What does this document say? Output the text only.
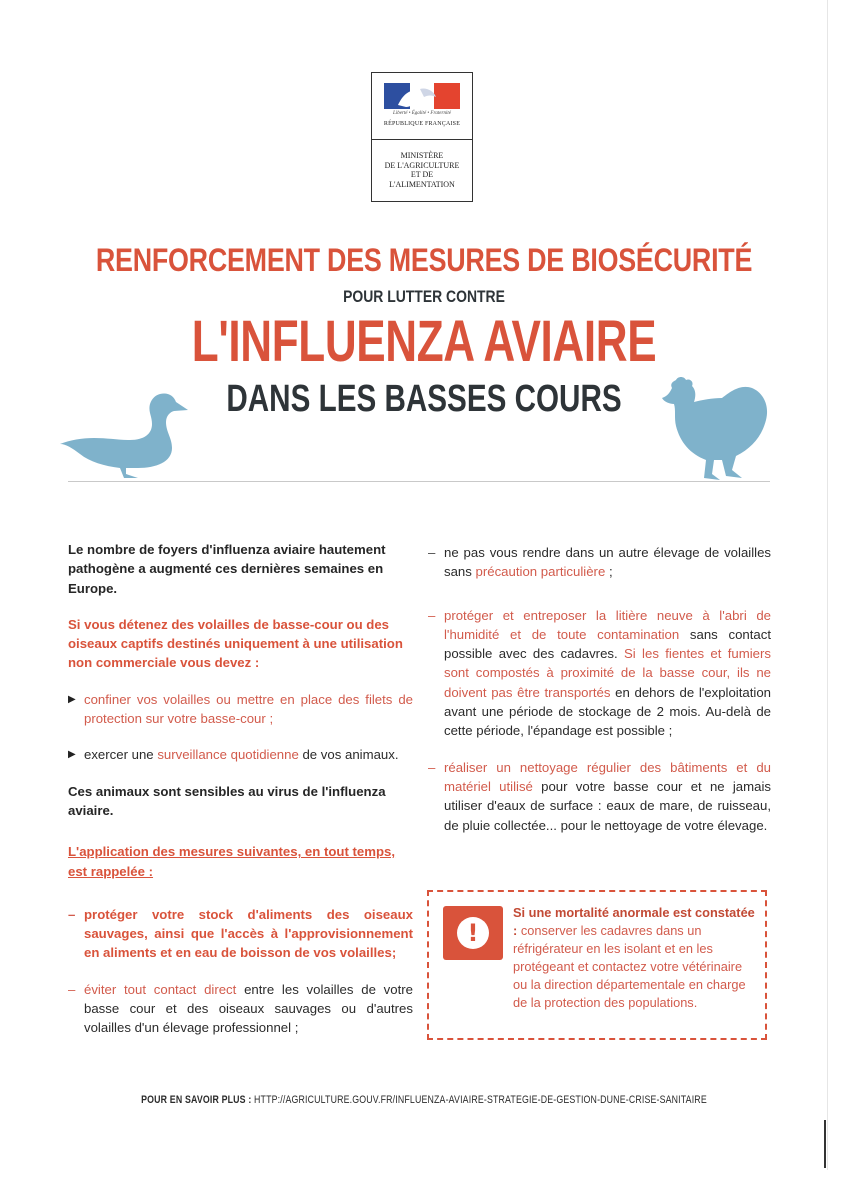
Liberté • Égalité • Fraternité
RÉPUBLIQUE FRANÇAISE
MINISTÈRE
DE L'AGRICULTURE
ET DE
L'ALIMENTATION
RENFORCEMENT DES MESURES DE BIOSÉCURITÉ
POUR LUTTER CONTRE
L'INFLUENZA AVIAIRE
DANS LES BASSES COURS

Le nombre de foyers d'influenza aviaire hautement pathogène a augmenté ces dernières semaines en Europe.

Si vous détenez des volailles de basse-cour ou des oiseaux captifs destinés uniquement à une utilisation non commerciale vous devez :

▶ confiner vos volailles ou mettre en place des filets de protection sur votre basse-cour ;
▶ exercer une surveillance quotidienne de vos animaux.

Ces animaux sont sensibles au virus de l'influenza aviaire.

L'application des mesures suivantes, en tout temps, est rappelée :

– protéger votre stock d'aliments des oiseaux sauvages, ainsi que l'accès à l'approvisionnement en aliments et en eau de boisson de vos volailles;
– éviter tout contact direct entre les volailles de votre basse cour et des oiseaux sauvages ou d'autres volailles d'un élevage professionnel ;
– ne pas vous rendre dans un autre élevage de volailles sans précaution particulière ;
– protéger et entreposer la litière neuve à l'abri de l'humidité et de toute contamination sans contact possible avec des cadavres. Si les fientes et fumiers sont compostés à proximité de la basse cour, ils ne doivent pas être transportés en dehors de l'exploitation avant une période de stockage de 2 mois. Au-delà de cette période, l'épandage est possible ;
– réaliser un nettoyage régulier des bâtiments et du matériel utilisé pour votre basse cour et ne jamais utiliser d'eaux de surface : eaux de mare, de ruisseau, de pluie collectée... pour le nettoyage de votre élevage.
!
Si une mortalité anormale est constatée : conserver les cadavres dans un réfrigérateur en les isolant et en les protégeant et contactez votre vétérinaire ou la direction départementale en charge de la protection des populations.
POUR EN SAVOIR PLUS : HTTP://AGRICULTURE.GOUV.FR/INFLUENZA-AVIAIRE-STRATEGIE-DE-GESTION-DUNE-CRISE-SANITAIRE
